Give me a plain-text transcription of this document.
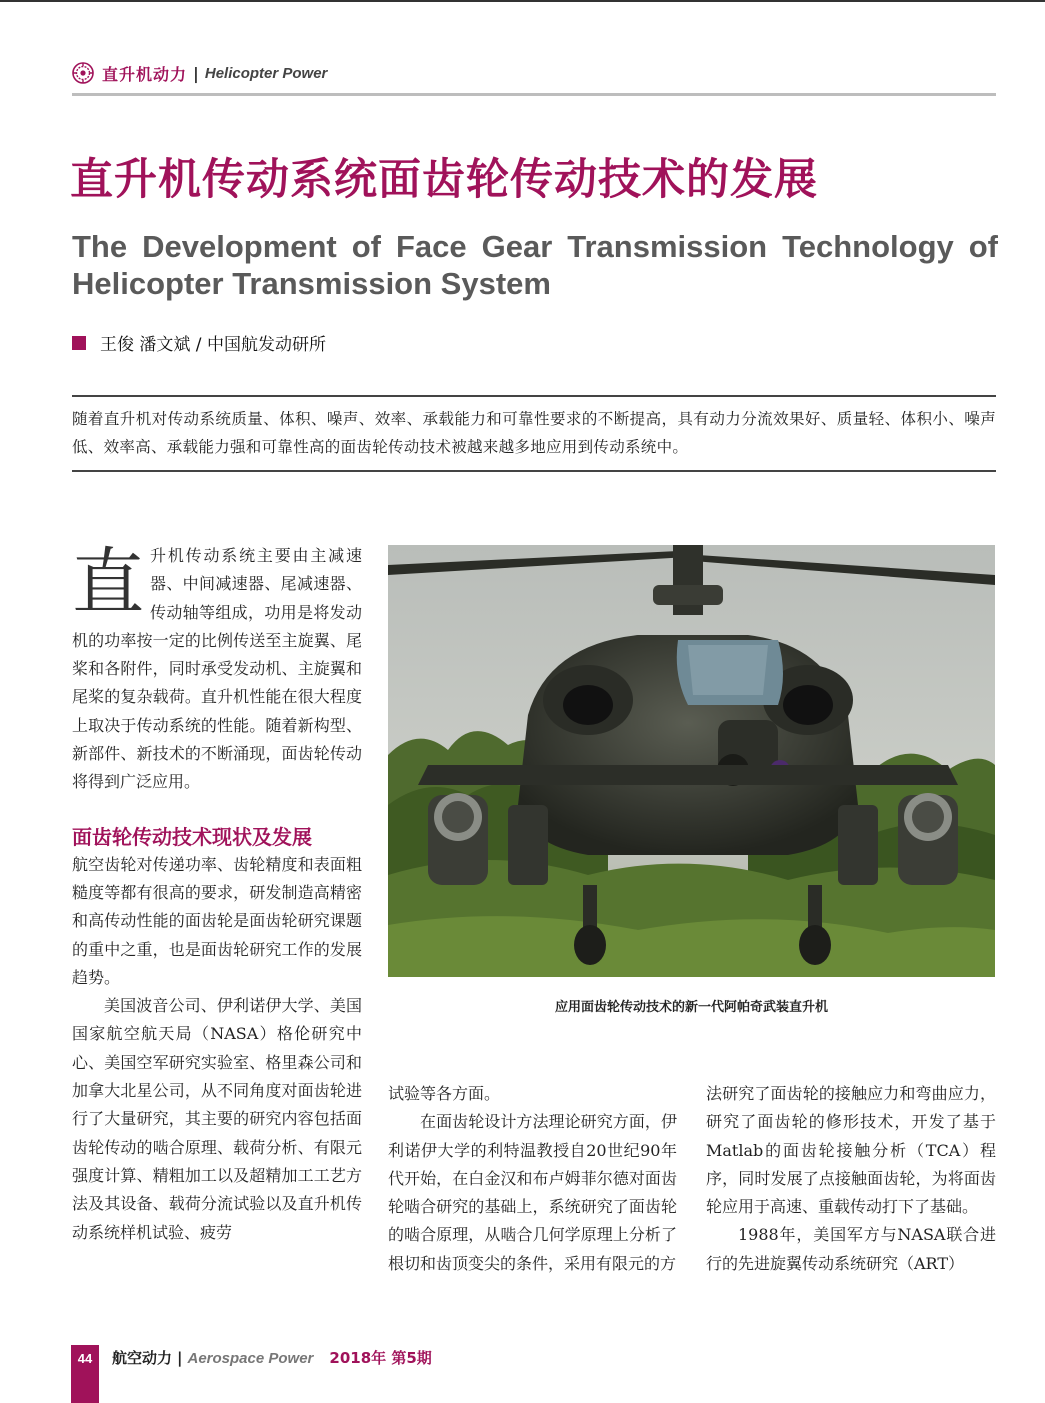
直升机动力 | Helicopter Power
直升机传动系统面齿轮传动技术的发展
The Development of Face Gear Transmission Technology of Helicopter Transmission System
王俊 潘文斌 / 中国航发动研所
随着直升机对传动系统质量、体积、噪声、效率、承载能力和可靠性要求的不断提高，具有动力分流效果好、质量轻、体积小、噪声低、效率高、承载能力强和可靠性高的面齿轮传动技术被越来越多地应用到传动系统中。

直升机传动系统主要由主减速器、中间减速器、尾减速器、传动轴等组成，功用是将发动机的功率按一定的比例传送至主旋翼、尾桨和各附件，同时承受发动机、主旋翼和尾桨的复杂载荷。直升机性能在很大程度上取决于传动系统的性能。随着新构型、新部件、新技术的不断涌现，面齿轮传动将得到广泛应用。

面齿轮传动技术现状及发展

航空齿轮对传递功率、齿轮精度和表面粗糙度等都有很高的要求，研发制造高精密和高传动性能的面齿轮是面齿轮研究课题的重中之重，也是面齿轮研究工作的发展趋势。

美国波音公司、伊利诺伊大学、美国国家航空航天局（NASA）格伦研究中心、美国空军研究实验室、格里森公司和加拿大北星公司，从不同角度对面齿轮进行了大量研究，其主要的研究内容包括面齿轮传动的啮合原理、载荷分析、有限元强度计算、精粗加工以及超精加工工艺方法及其设备、载荷分流试验以及直升机传动系统样机试验、疲劳

应用面齿轮传动技术的新一代阿帕奇武装直升机

试验等各方面。

在面齿轮设计方法理论研究方面，伊利诺伊大学的利特温教授自20世纪90年代开始，在白金汉和布卢姆菲尔德对面齿轮啮合研究的基础上，系统研究了面齿轮的啮合原理，从啮合几何学原理上分析了根切和齿顶变尖的条件，采用有限元的方

法研究了面齿轮的接触应力和弯曲应力，研究了面齿轮的修形技术，开发了基于Matlab的面齿轮接触分析（TCA）程序，同时发展了点接触面齿轮，为将面齿轮应用于高速、重载传动打下了基础。

1988年，美国军方与NASA联合进行的先进旋翼传动系统研究（ART）

44	航空动力 | Aerospace Power 2018年 第5期
